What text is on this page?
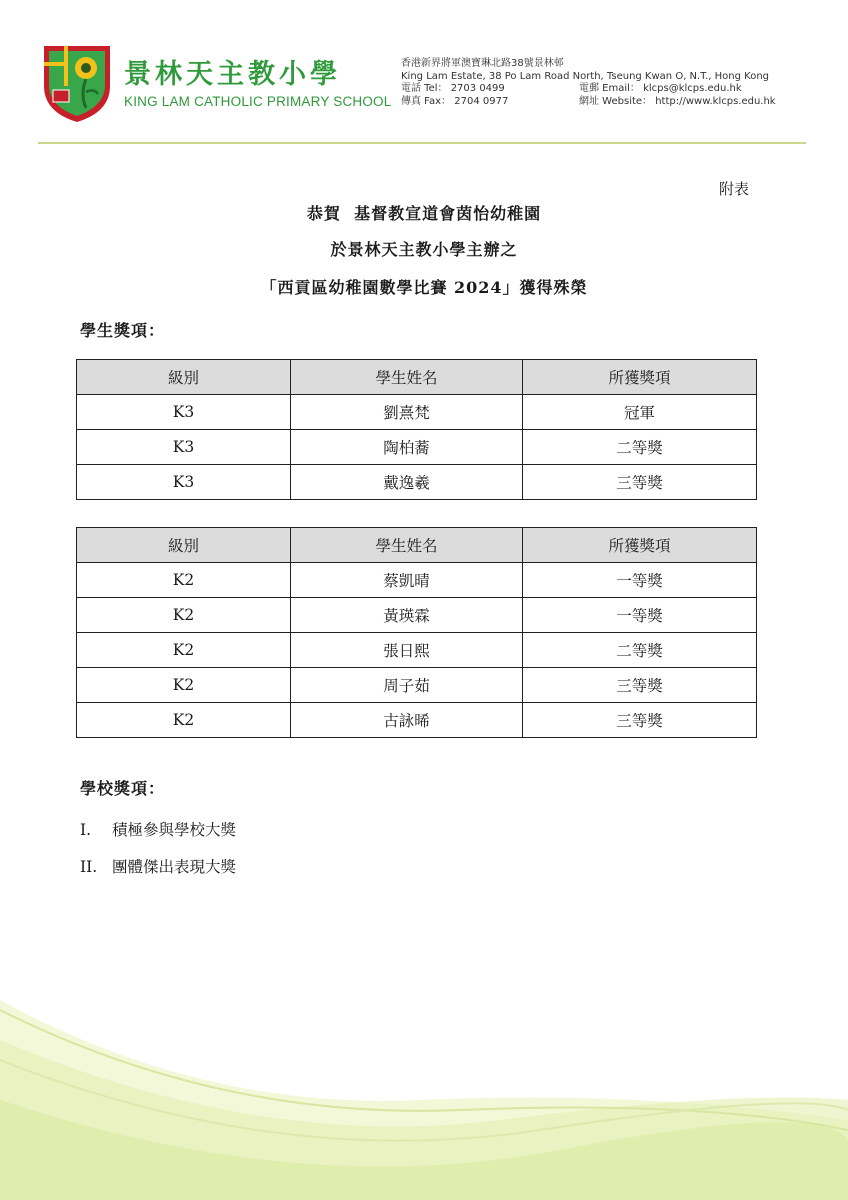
景林天主教小學
KING LAM CATHOLIC PRIMARY SCHOOL
香港新界將軍澳寶琳北路38號景林邨
King Lam Estate, 38 Po Lam Road North, Tseung Kwan O, N.T., Hong Kong
電話 Tel： 2703 0499	電郵 Email： klcps@klcps.edu.hk
傳真 Fax： 2704 0977	網址 Website： http://www.klcps.edu.hk
附表
恭賀  基督教宣道會茵怡幼稚園
於景林天主教小學主辦之
「西貢區幼稚園數學比賽 2024」獲得殊榮
學生獎項：
級別	學生姓名	所獲獎項
K3	劉熹梵	冠軍
K3	陶柏蕎	二等獎
K3	戴逸羲	三等獎
級別	學生姓名	所獲獎項
K2	蔡凱晴	一等獎
K2	黃瑛霖	一等獎
K2	張日熙	二等獎
K2	周子茹	三等獎
K2	古詠晞	三等獎
學校獎項：
I. 積極參與學校大獎
II. 團體傑出表現大獎
